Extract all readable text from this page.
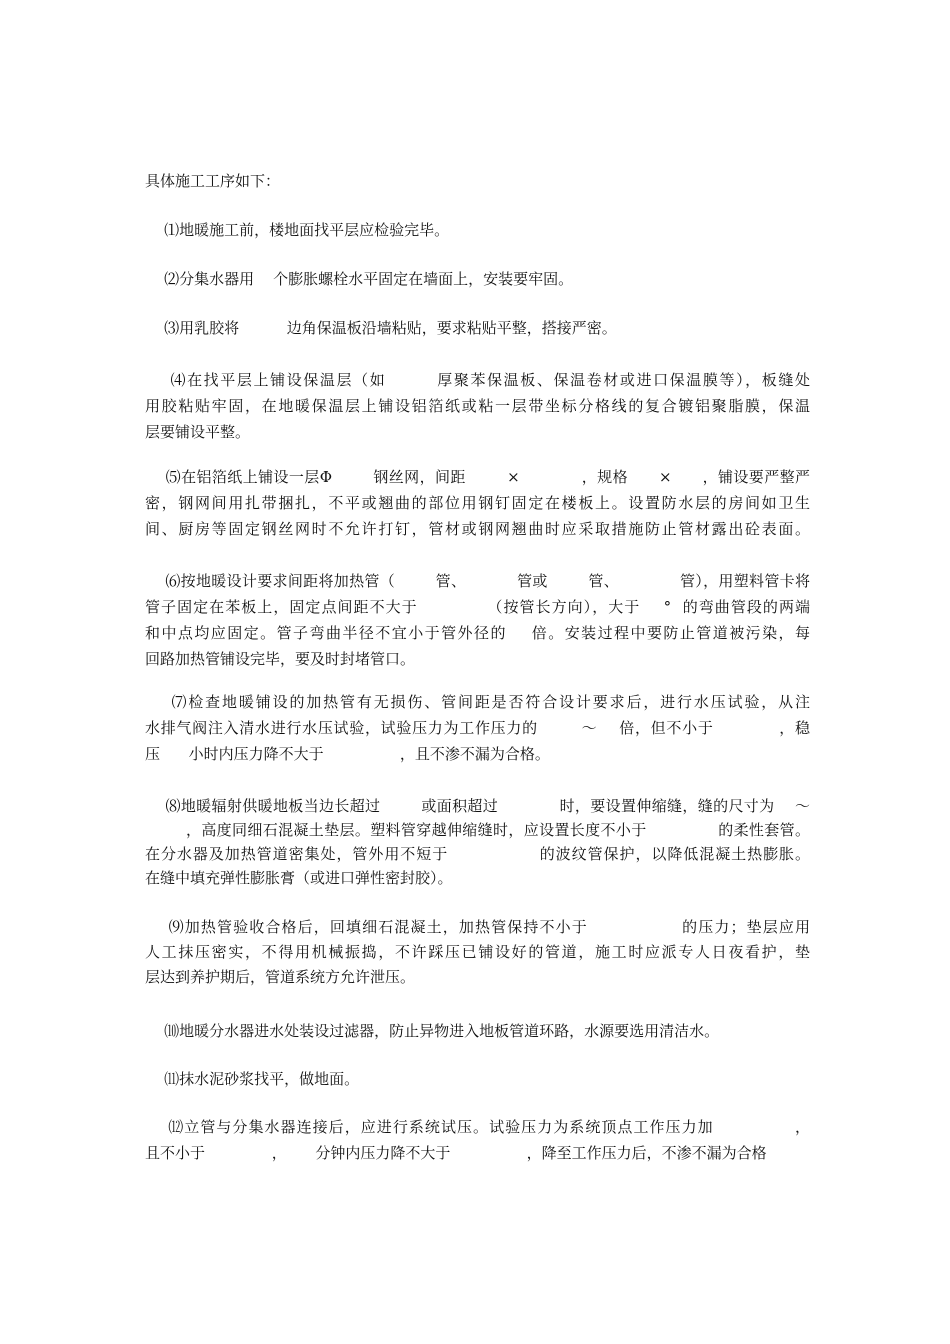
具体施工工序如下：
⑴地暖施工前，楼地面找平层应检验完毕。
⑵分集水器用    个膨胀螺栓水平固定在墙面上，安装要牢固。
⑶用乳胶将          边角保温板沿墙粘贴，要求粘贴平整，搭接严密。
⑷在找平层上铺设保温层（如        厚聚苯保温板、保温卷材或进口保温膜等），板缝处
用胶粘贴牢固，在地暖保温层上铺设铝箔纸或粘一层带坐标分格线的复合镀铝聚脂膜，保温
层要铺设平整。
⑸在铝箔纸上铺设一层Φ        钢丝网，间距        ×            ，规格      ×      ，铺设要严整严
密，钢网间用扎带捆扎，不平或翘曲的部位用钢钉固定在楼板上。设置防水层的房间如卫生
间、厨房等固定钢丝网时不允许打钉，管材或钢网翘曲时应采取措施防止管材露出砼表面。
⑹按地暖设计要求间距将加热管（        管、          管或        管、            管），用塑料管卡将
管子固定在苯板上，固定点间距不大于            （按管长方向），大于    °  的弯曲管段的两端
和中点均应固定。管子弯曲半径不宜小于管外径的    倍。安装过程中要防止管道被污染，每
回路加热管铺设完毕，要及时封堵管口。
⑺检查地暖铺设的加热管有无损伤、管间距是否符合设计要求后，进行水压试验，从注
水排气阀注入清水进行水压试验，试验压力为工作压力的        ～    倍，但不小于            ，稳
压      小时内压力降不大于                ，且不渗不漏为合格。
⑻地暖辐射供暖地板当边长超过        或面积超过            时，要设置伸缩缝，缝的尺寸为    ～
，高度同细石混凝土垫层。塑料管穿越伸缩缝时，应设置长度不小于              的柔性套管。
在分水器及加热管道密集处，管外用不短于                的波纹管保护，以降低混凝土热膨胀。
在缝中填充弹性膨胀膏（或进口弹性密封胶）。
⑼加热管验收合格后，回填细石混凝土，加热管保持不小于                的压力；垫层应用
人工抹压密实，不得用机械振捣，不许踩压已铺设好的管道，施工时应派专人日夜看护，垫
层达到养护期后，管道系统方允许泄压。
⑽地暖分水器进水处装设过滤器，防止异物进入地板管道环路，水源要选用清洁水。
⑾抹水泥砂浆找平，做地面。
⑿立管与分集水器连接后，应进行系统试压。试验压力为系统顶点工作压力加              ，
且不小于              ，      分钟内压力降不大于                ，降至工作压力后，不渗不漏为合格
